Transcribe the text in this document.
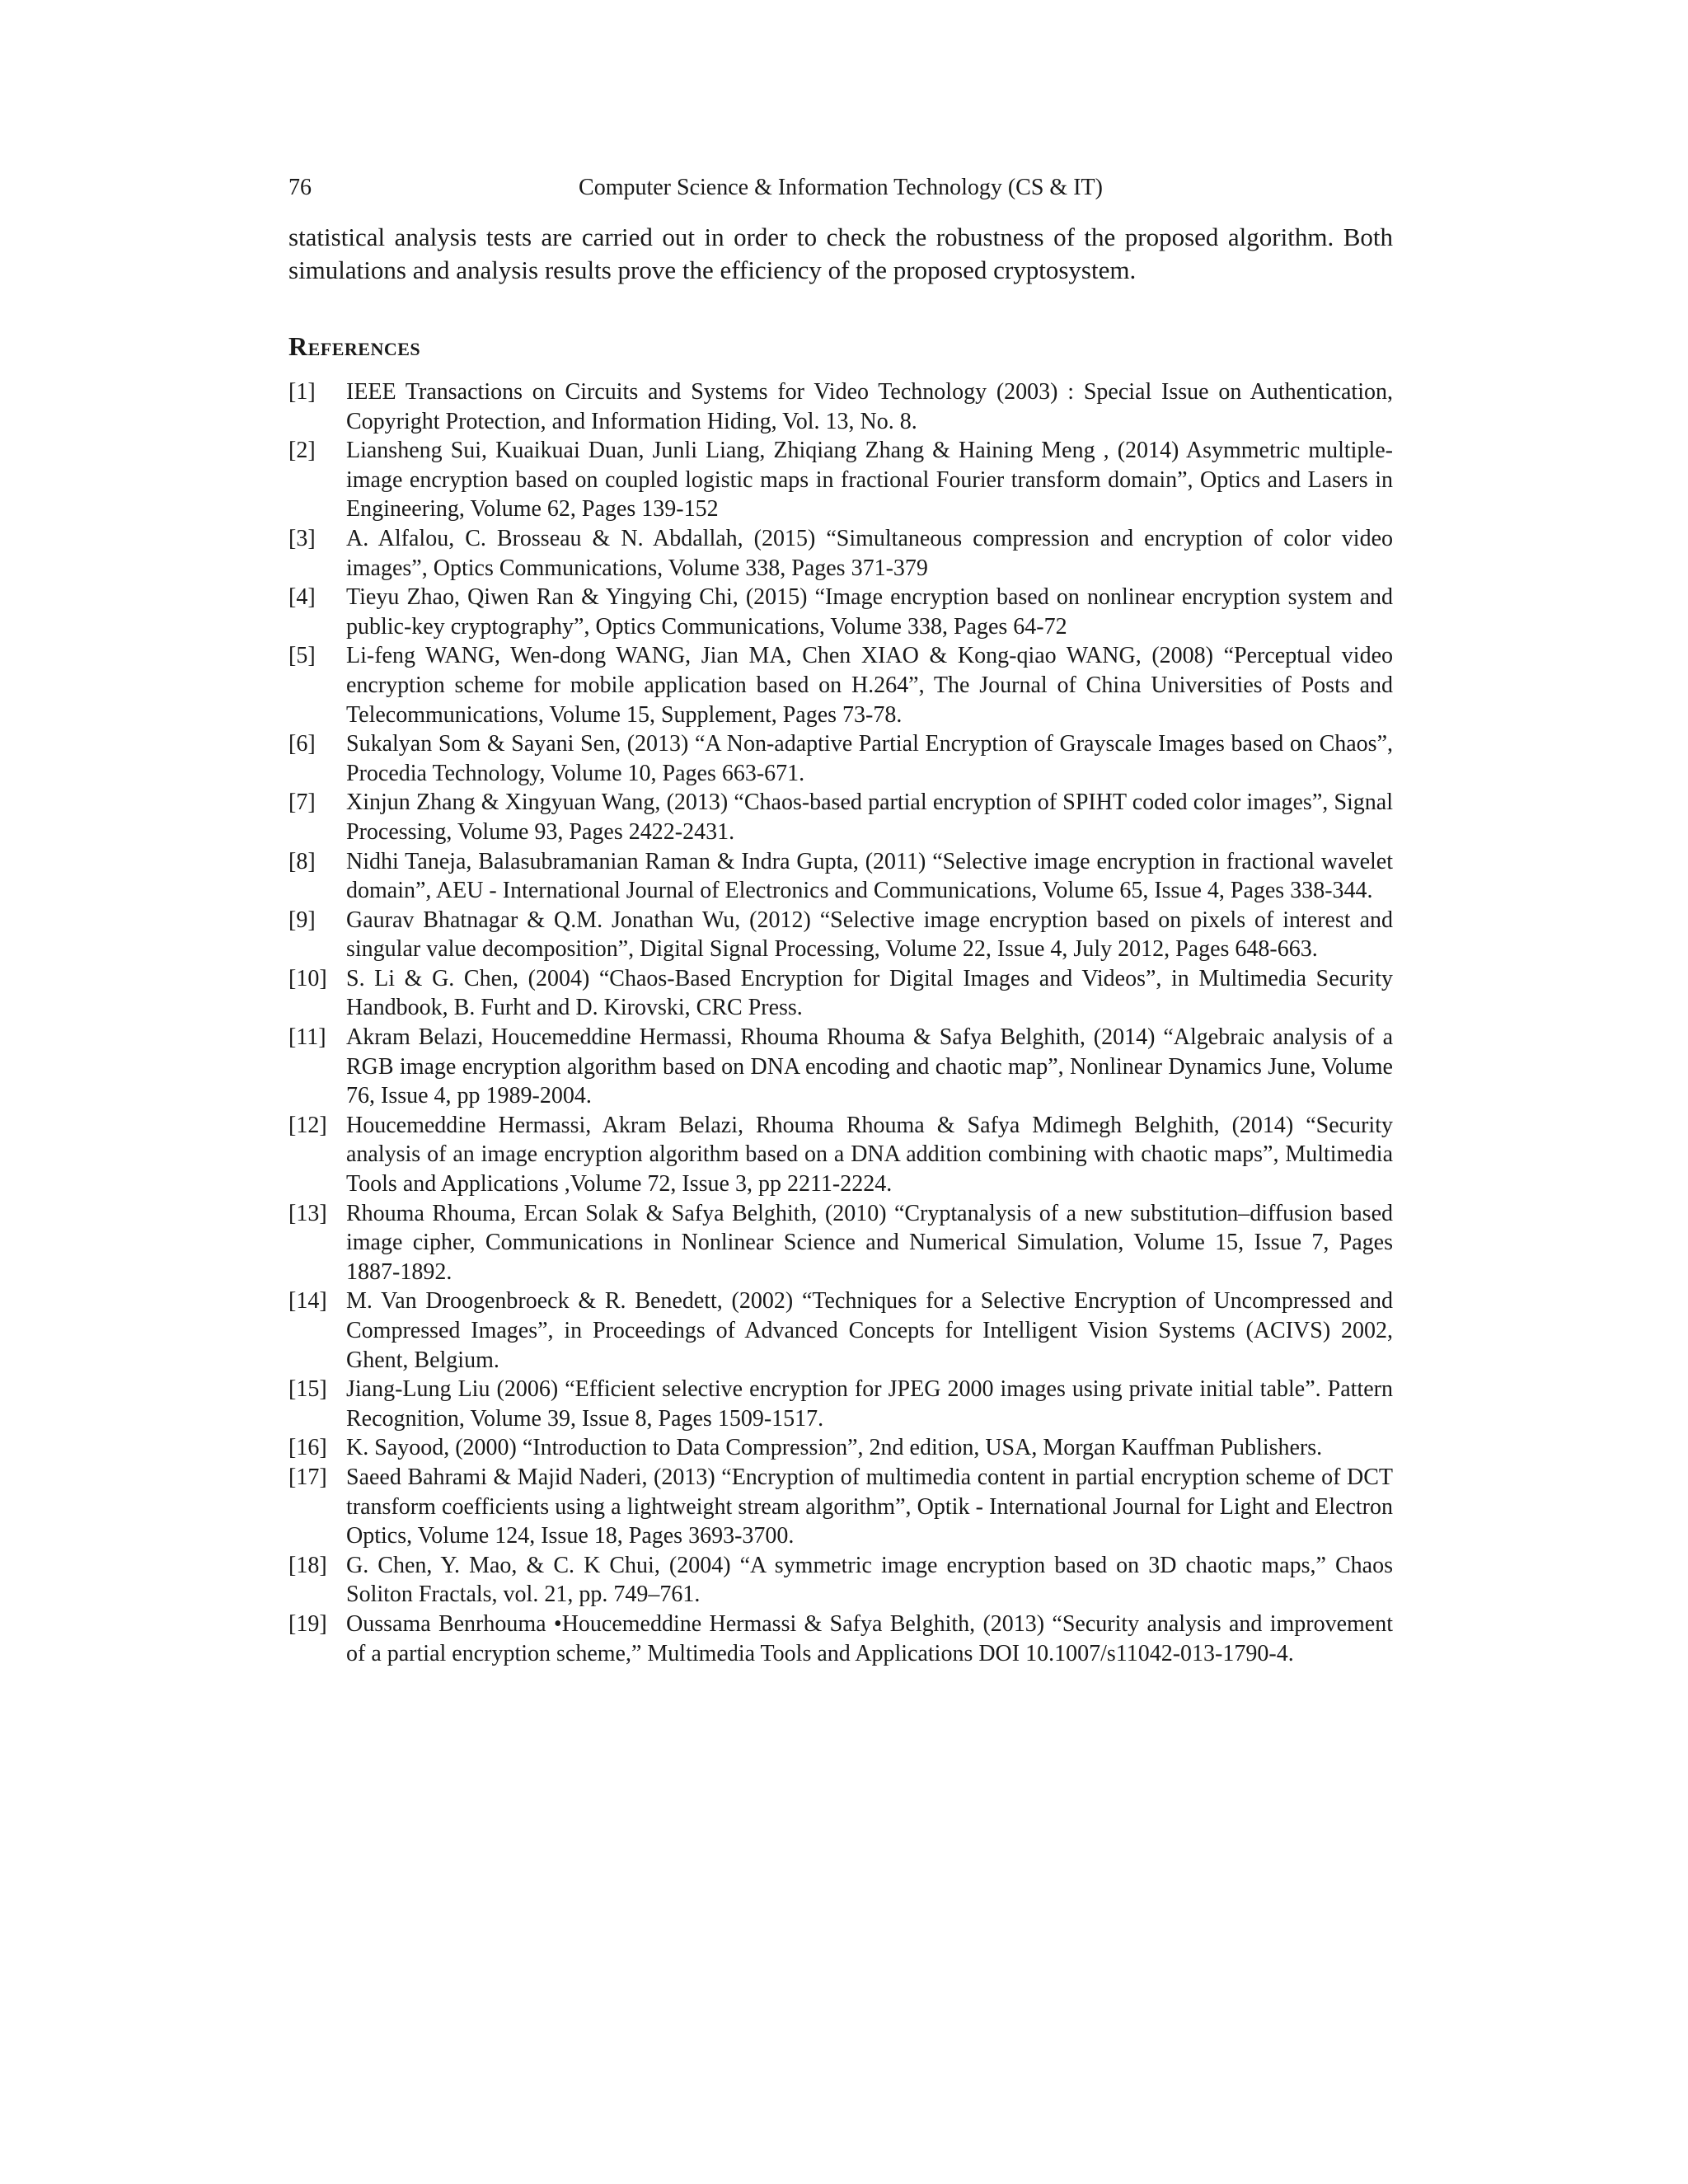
76	Computer Science & Information Technology (CS & IT)

statistical analysis tests are carried out in order to check the robustness of the proposed algorithm. Both simulations and analysis results prove the efficiency of the proposed cryptosystem.

References
[1] IEEE Transactions on Circuits and Systems for Video Technology (2003) : Special Issue on Authentication, Copyright Protection, and Information Hiding, Vol. 13, No. 8.
[2] Liansheng Sui, Kuaikuai Duan, Junli Liang, Zhiqiang Zhang & Haining Meng , (2014) Asymmetric multiple-image encryption based on coupled logistic maps in fractional Fourier transform domain”, Optics and Lasers in Engineering, Volume 62, Pages 139-152
[3] A. Alfalou, C. Brosseau & N. Abdallah, (2015) “Simultaneous compression and encryption of color video images”, Optics Communications, Volume 338, Pages 371-379
[4] Tieyu Zhao, Qiwen Ran & Yingying Chi, (2015) “Image encryption based on nonlinear encryption system and public-key cryptography”, Optics Communications, Volume 338, Pages 64-72
[5] Li-feng WANG, Wen-dong WANG, Jian MA, Chen XIAO & Kong-qiao WANG, (2008) “Perceptual video encryption scheme for mobile application based on H.264”, The Journal of China Universities of Posts and Telecommunications, Volume 15, Supplement, Pages 73-78.
[6] Sukalyan Som & Sayani Sen, (2013) “A Non-adaptive Partial Encryption of Grayscale Images based on Chaos”, Procedia Technology, Volume 10, Pages 663-671.
[7] Xinjun Zhang & Xingyuan Wang, (2013) “Chaos-based partial encryption of SPIHT coded color images”, Signal Processing, Volume 93, Pages 2422-2431.
[8] Nidhi Taneja, Balasubramanian Raman & Indra Gupta, (2011) “Selective image encryption in fractional wavelet domain”, AEU - International Journal of Electronics and Communications, Volume 65, Issue 4, Pages 338-344.
[9] Gaurav Bhatnagar & Q.M. Jonathan Wu, (2012) “Selective image encryption based on pixels of interest and singular value decomposition”, Digital Signal Processing, Volume 22, Issue 4, July 2012, Pages 648-663.
[10] S. Li & G. Chen, (2004) “Chaos-Based Encryption for Digital Images and Videos”, in Multimedia Security Handbook, B. Furht and D. Kirovski, CRC Press.
[11] Akram Belazi, Houcemeddine Hermassi, Rhouma Rhouma & Safya Belghith, (2014) “Algebraic analysis of a RGB image encryption algorithm based on DNA encoding and chaotic map”, Nonlinear Dynamics June, Volume 76, Issue 4, pp 1989-2004.
[12] Houcemeddine Hermassi, Akram Belazi, Rhouma Rhouma & Safya Mdimegh Belghith, (2014) “Security analysis of an image encryption algorithm based on a DNA addition combining with chaotic maps”, Multimedia Tools and Applications ,Volume 72, Issue 3, pp 2211-2224.
[13] Rhouma Rhouma, Ercan Solak & Safya Belghith, (2010) “Cryptanalysis of a new substitution–diffusion based image cipher, Communications in Nonlinear Science and Numerical Simulation, Volume 15, Issue 7, Pages 1887-1892.
[14] M. Van Droogenbroeck & R. Benedett, (2002) “Techniques for a Selective Encryption of Uncompressed and Compressed Images”, in Proceedings of Advanced Concepts for Intelligent Vision Systems (ACIVS) 2002, Ghent, Belgium.
[15] Jiang-Lung Liu (2006) “Efficient selective encryption for JPEG 2000 images using private initial table”. Pattern Recognition, Volume 39, Issue 8, Pages 1509-1517.
[16] K. Sayood, (2000) “Introduction to Data Compression”, 2nd edition, USA, Morgan Kauffman Publishers.
[17] Saeed Bahrami & Majid Naderi, (2013) “Encryption of multimedia content in partial encryption scheme of DCT transform coefficients using a lightweight stream algorithm”, Optik - International Journal for Light and Electron Optics, Volume 124, Issue 18, Pages 3693-3700.
[18] G. Chen, Y. Mao, & C. K Chui, (2004) “A symmetric image encryption based on 3D chaotic maps,” Chaos Soliton Fractals, vol. 21, pp. 749–761.
[19] Oussama Benrhouma •Houcemeddine Hermassi & Safya Belghith, (2013) “Security analysis and improvement of a partial encryption scheme,” Multimedia Tools and Applications DOI 10.1007/s11042-013-1790-4.
